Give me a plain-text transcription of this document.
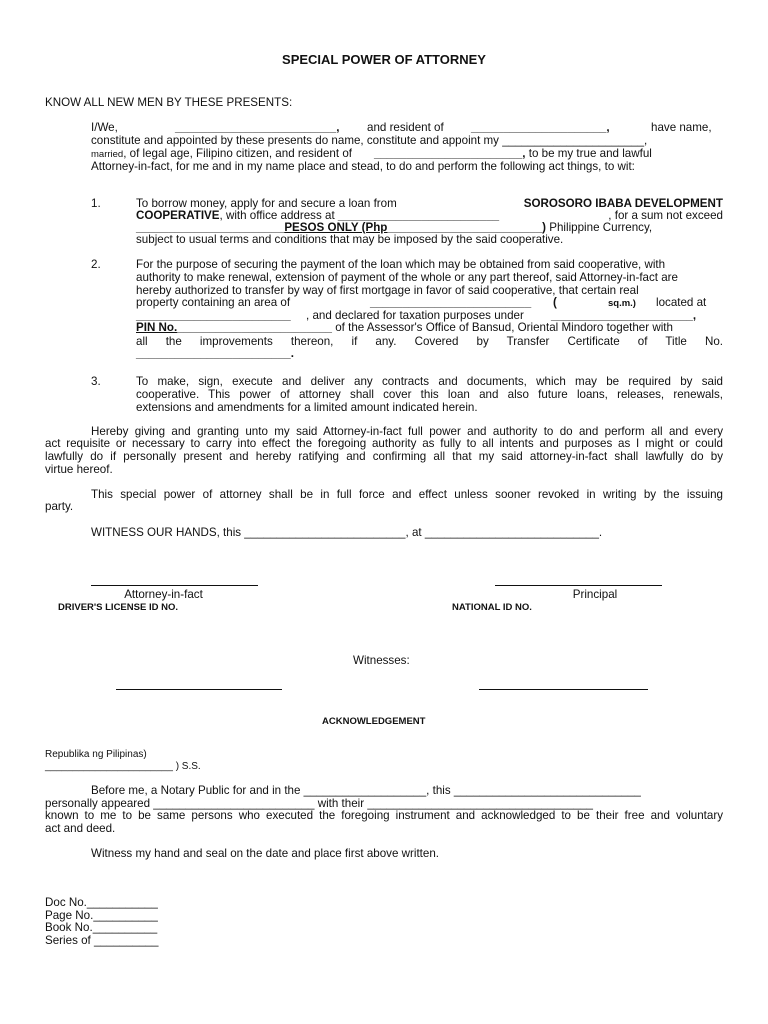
SPECIAL POWER OF ATTORNEY
KNOW ALL NEW MEN BY THESE PRESENTS:
I/We,	_________________________, and resident of _____________________,	have name,
constitute and appointed by these presents do name, constitute and appoint my ______________________,
married, of legal age, Filipino citizen, and resident of _______________________, to be my true and lawful
Attorney-in-fact, for me and in my name place and stead, to do and perform the following act things, to wit:
1.	To borrow money, apply for and secure a loan from	SOROSORO IBABA DEVELOPMENT
COOPERATIVE, with office address at _________________________	, for a sum not exceed
_______________________PESOS ONLY (Php________________________) Philippine Currency,
subject to usual terms and conditions that may be imposed by the said cooperative.
2.	For the purpose of securing the payment of the loan which may be obtained from said cooperative, with
authority to make renewal, extension of payment of the whole or any part thereof, said Attorney-in-fact are
hereby authorized to transfer by way of first mortgage in favor of said cooperative, that certain real
property containing an area of	_________________________ (	sq.m.) located at
________________________ , and declared for taxation purposes under ______________________,
PIN No.________________________ of the Assessor's Office of Bansud, Oriental Mindoro together with
all the improvements thereon, if any. Covered by Transfer Certificate of Title No.
________________________.
3.	To make, sign, execute and deliver any contracts and documents, which may be required by said
cooperative. This power of attorney shall cover this loan and also future loans, releases, renewals,
extensions and amendments for a limited amount indicated herein.
Hereby giving and granting unto my said Attorney-in-fact full power and authority to do and perform all and every
act requisite or necessary to carry into effect the foregoing authority as fully to all intents and purposes as I might or could
lawfully do if personally present and hereby ratifying and confirming all that my said attorney-in-fact shall lawfully do by
virtue hereof.
This special power of attorney shall be in full force and effect unless sooner revoked in writing by the issuing
party.
WITNESS OUR HANDS, this _________________________, at ___________________________.
Attorney-in-fact	Principal
DRIVER'S LICENSE ID NO.	NATIONAL ID NO.
Witnesses:
ACKNOWLEDGEMENT
Republika ng Pilipinas)
_______________________ ) S.S.
Before me, a Notary Public for and in the ___________________, this _____________________________
personally appeared _________________________ with their ___________________________________
known to me to be same persons who executed the foregoing instrument and acknowledged to be their free and voluntary
act and deed.
Witness my hand and seal on the date and place first above written.
Doc No.___________
Page No.__________
Book No.__________
Series of __________
